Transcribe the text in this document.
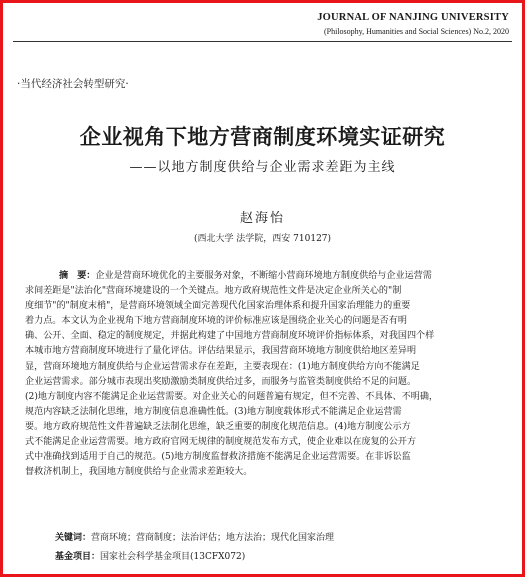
JOURNAL OF NANJING UNIVERSITY
(Philosophy, Humanities and Social Sciences) No.2, 2020
·当代经济社会转型研究·
企业视角下地方营商制度环境实证研究
——以地方制度供给与企业需求差距为主线
赵海怡
(西北大学 法学院，西安 710127)
摘　要：企业是营商环境优化的主要服务对象，不断缩小营商环境地方制度供给与企业运营需
求间差距是"法治化"营商环境建设的一个关键点。地方政府规范性文件是决定企业所关心的"制
度细节"的"制度末梢"，是营商环境领域全面完善现代化国家治理体系和提升国家治理能力的重要
着力点。本文认为企业视角下地方营商制度环境的评价标准应该是围绕企业关心的问题是否有明
确、公开、全面、稳定的制度规定，并据此构建了中国地方营商制度环境评价指标体系，对我国四个样
本城市地方营商制度环境进行了量化评估。评估结果显示，我国营商环境地方制度供给地区差异明
显，营商环境地方制度供给与企业运营需求存在差距，主要表现在：(1)地方制度供给方向不能满足
企业运营需求。部分城市表现出奖励激励类制度供给过多，而服务与监管类制度供给不足的问题。
(2)地方制度内容不能满足企业运营需要。对企业关心的问题普遍有规定，但不完善、不具体、不明确，
规范内容缺乏法制化思维，地方制度信息准确性低。(3)地方制度载体形式不能满足企业运营需
要。地方政府规范性文件普遍缺乏法制化思维，缺乏重要的制度化规范信息。(4)地方制度公示方
式不能满足企业运营需要。地方政府官网无规律的制度规范发布方式，使企业难以在庞复的公开方
式中准确找到适用于自己的规范。(5)地方制度监督救济措施不能满足企业运营需要。在非诉讼监
督救济机制上，我国地方制度供给与企业需求差距较大。
关键词：营商环境；营商制度；法治评估；地方法治；现代化国家治理
基金项目：国家社会科学基金项目(13CFX072)
